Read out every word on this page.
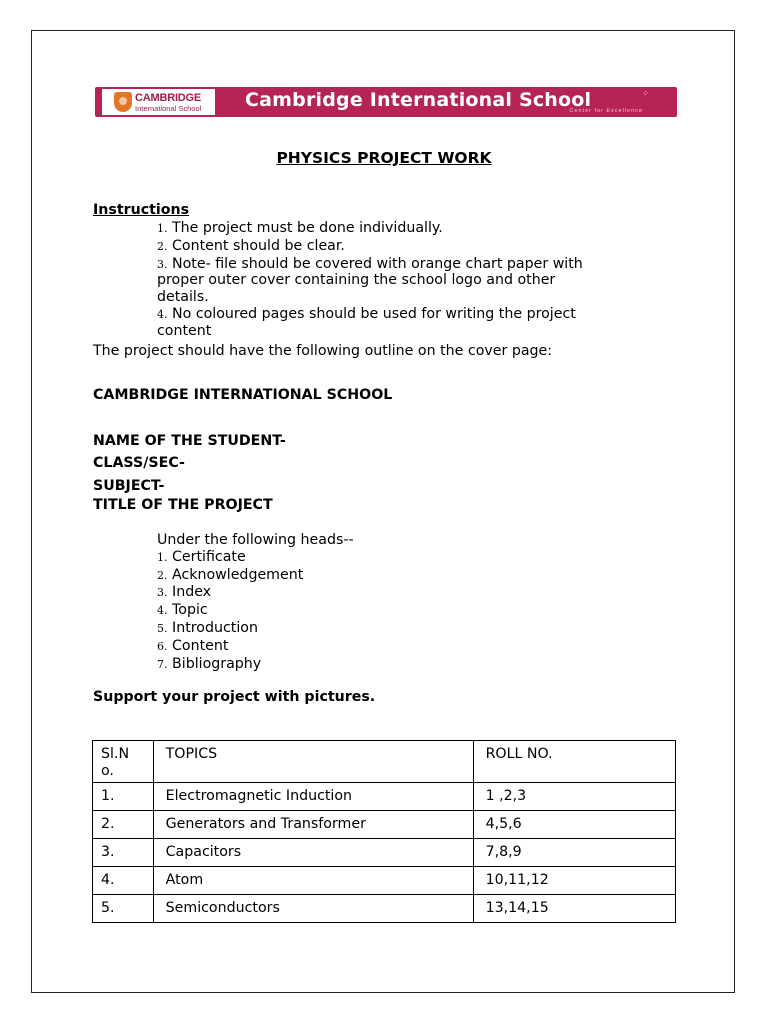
CAMBRIDGE
International School Cambridge International School	⁘
Center for Excellence
PHYSICS PROJECT WORK
Instructions
1. The project must be done individually.
2. Content should be clear.
3. Note- file should be covered with orange chart paper with
proper outer cover containing the school logo and other
details.
4. No coloured pages should be used for writing the project
content
The project should have the following outline on the cover page:
CAMBRIDGE INTERNATIONAL SCHOOL
NAME OF THE STUDENT-
CLASS/SEC-
SUBJECT-
TITLE OF THE PROJECT
Under the following heads--
1. Certificate
2. Acknowledgement
3. Index
4. Topic
5. Introduction
6. Content
7. Bibliography
Support your project with pictures.
Sl.N
o.	TOPICS	ROLL NO.
1.	Electromagnetic Induction	1 ,2,3
2.	Generators and Transformer	4,5,6
3.	Capacitors	7,8,9
4.	Atom	10,11,12
5.	Semiconductors	13,14,15
